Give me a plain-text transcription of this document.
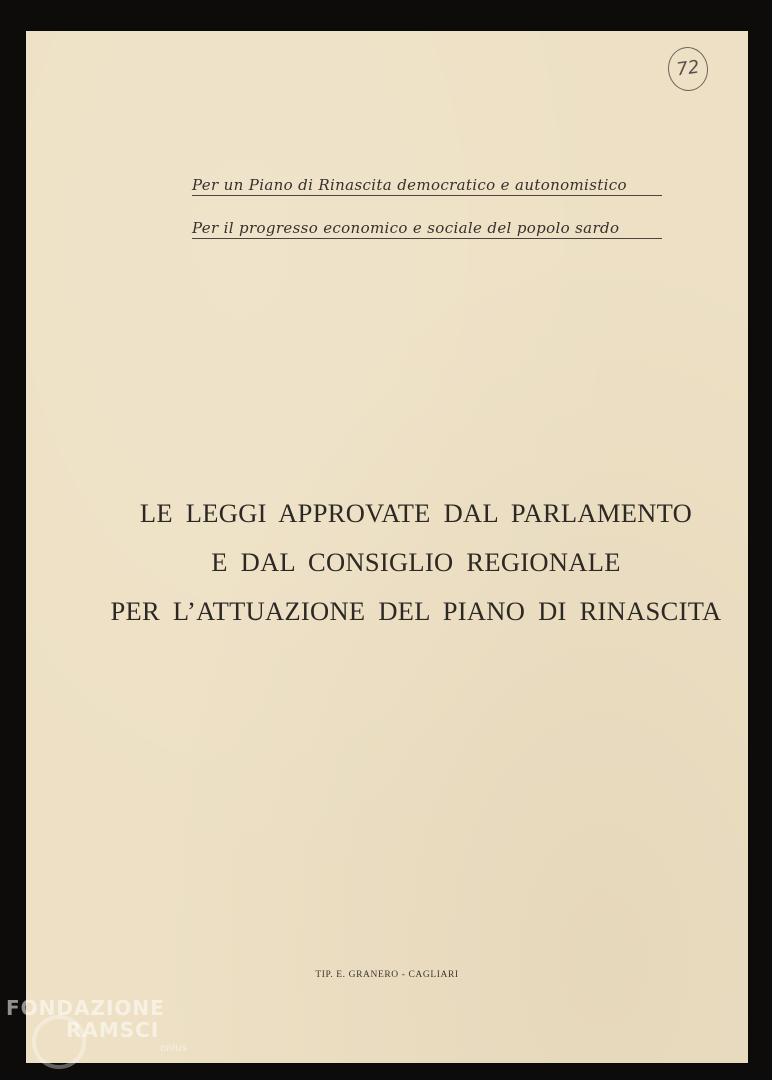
72
Per un Piano di Rinascita democratico e autonomistico
Per il progresso economico e sociale del popolo sardo
LE LEGGI APPROVATE DAL PARLAMENTO
E DAL CONSIGLIO REGIONALE
PER L’ATTUAZIONE DEL PIANO DI RINASCITA
TIP. E. GRANERO - CAGLIARI
FONDAZIONE
RAMSCI
onlus
